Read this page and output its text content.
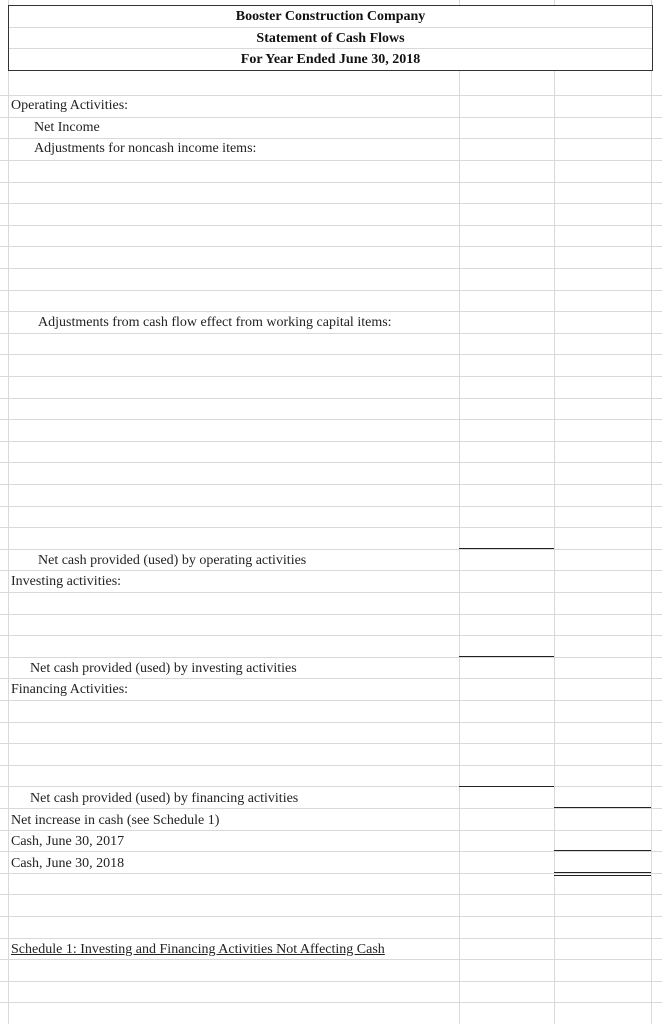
Booster Construction Company
Statement of Cash Flows
For Year Ended June 30, 2018
Operating Activities:
Net Income
Adjustments for noncash income items:
Adjustments from cash flow effect from working capital items:
Net cash provided (used) by operating activities
Investing activities:
Net cash provided (used) by investing activities
Financing Activities:
Net cash provided (used) by financing activities
Net increase in cash (see Schedule 1)
Cash, June 30, 2017
Cash, June 30, 2018
Schedule 1: Investing and Financing Activities Not Affecting Cash
